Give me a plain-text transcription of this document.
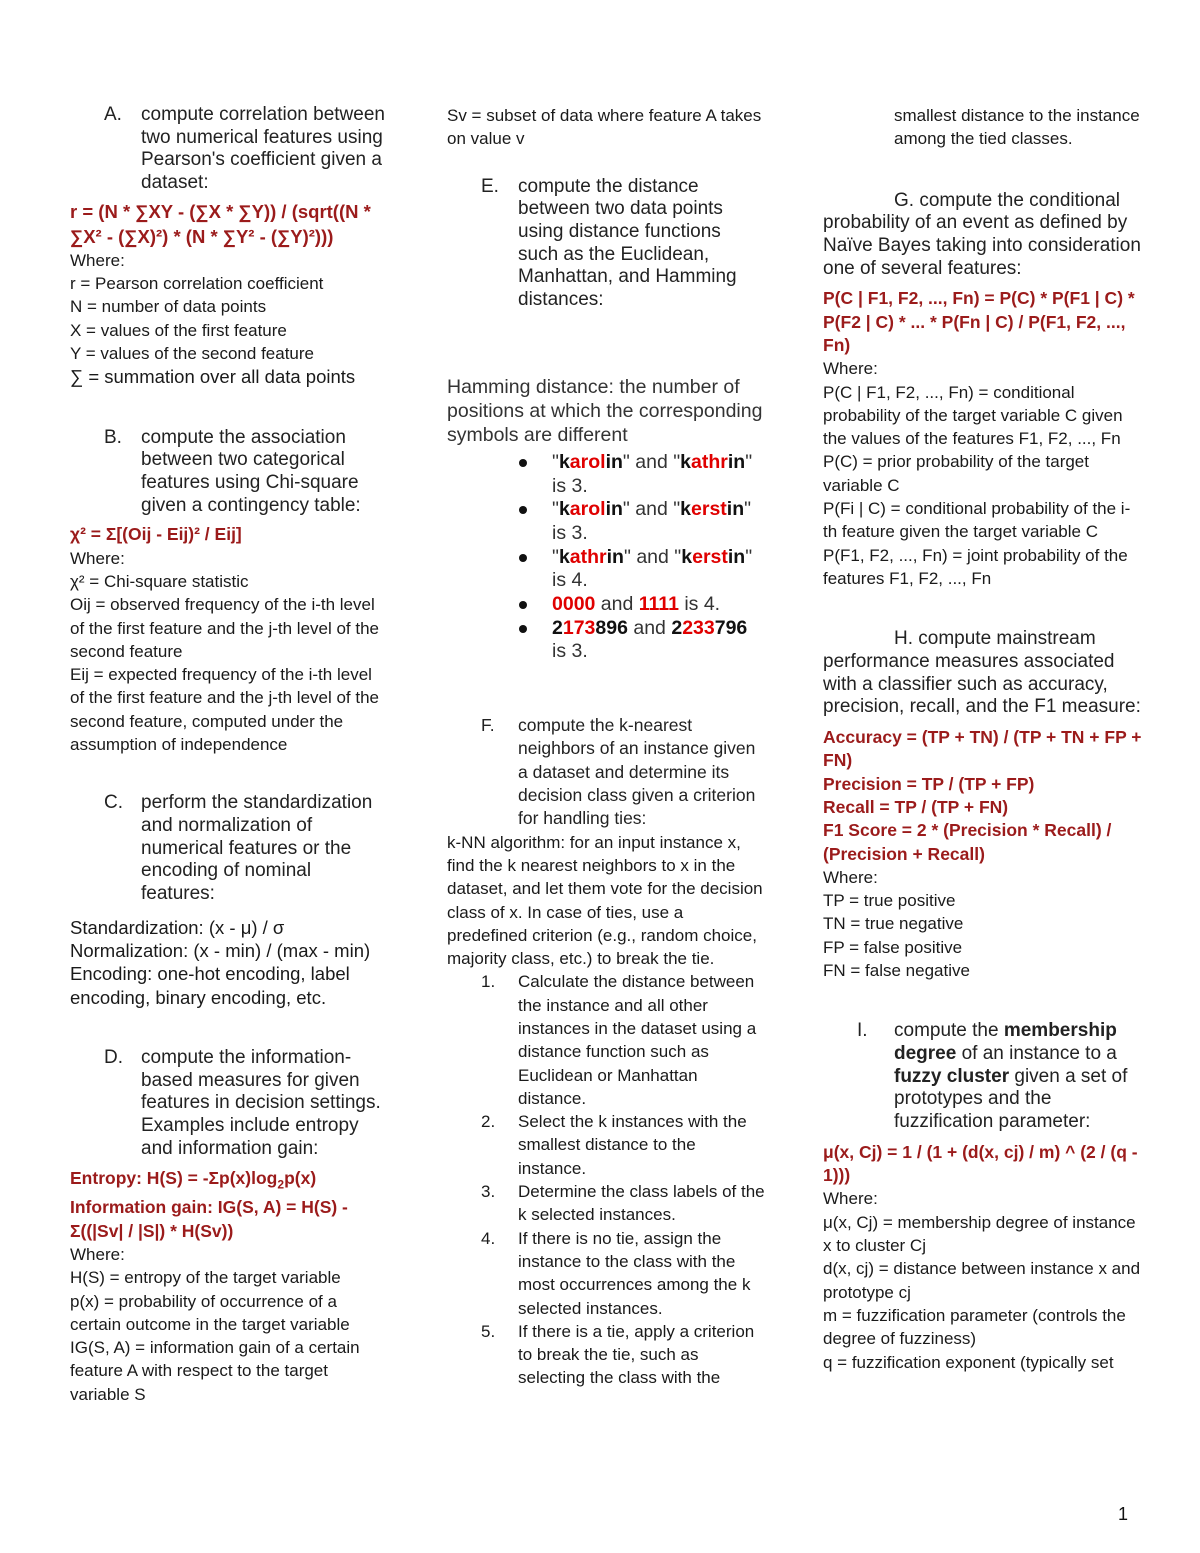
A. compute correlation between two numerical features using Pearson's coefficient given a dataset:

r = (N * ∑XY - (∑X * ∑Y)) / (sqrt((N * ∑X² - (∑X)²) * (N * ∑Y² - (∑Y)²)))

Where:

r = Pearson correlation coefficient

N = number of data points

X = values of the first feature

Y = values of the second feature

∑ = summation over all data points

B. compute the association between two categorical features using Chi-square given a contingency table:

χ² = Σ[(Oij - Eij)² / Eij]

Where:

χ² = Chi-square statistic

Oij = observed frequency of the i-th level of the first feature and the j-th level of the second feature

Eij = expected frequency of the i-th level of the first feature and the j-th level of the second feature, computed under the assumption of independence

C. perform the standardization and normalization of numerical features or the encoding of nominal features:

Standardization: (x - μ) / σ

Normalization: (x - min) / (max - min)

Encoding: one-hot encoding, label encoding, binary encoding, etc.

D. compute the information-based measures for given features in decision settings. Examples include entropy and information gain:

Entropy: $H(S) = -\Sigma p(x)\log_2p(x)$

Information gain: IG(S, A) = H(S) - Σ((|Sv| / |S|) * H(Sv))

Where:

H(S) = entropy of the target variable

p(x) = probability of occurrence of a certain outcome in the target variable

IG(S, A) = information gain of a certain feature A with respect to the target variable S

Sv = subset of data where feature A takes on value v

E. compute the distance between two data points using distance functions such as the Euclidean, Manhattan, and Hamming distances:

Hamming distance: the number of positions at which the corresponding symbols are different

"karolin" and "kathrin" is 3.
"karolin" and "kerstin" is 3.
"kathrin" and "kerstin" is 4.
0000 and 1111 is 4.
2173896 and 2233796 is 3.
F. compute the k-nearest neighbors of an instance given a dataset and determine its decision class given a criterion for handling ties:

k-NN algorithm: for an input instance x, find the k nearest neighbors to x in the dataset, and let them vote for the decision class of x. In case of ties, use a predefined criterion (e.g., random choice, majority class, etc.) to break the tie.

1. Calculate the distance between the instance and all other instances in the dataset using a distance function such as Euclidean or Manhattan distance.
2. Select the k instances with the smallest distance to the instance.
3. Determine the class labels of the k selected instances.
4. If there is no tie, assign the instance to the class with the most occurrences among the k selected instances.
5. If there is a tie, apply a criterion to break the tie, such as selecting the class with the

smallest distance to the instance among the tied classes.

G. compute the conditional probability of an event as defined by Naïve Bayes taking into consideration one of several features:

P(C | F1, F2, ..., Fn) = P(C) * P(F1 | C) * P(F2 | C) * ... * P(Fn | C) / P(F1, F2, ..., Fn)

Where:

P(C | F1, F2, ..., Fn) = conditional probability of the target variable C given the values of the features F1, F2, ..., Fn

P(C) = prior probability of the target variable C

P(Fi | C) = conditional probability of the i-th feature given the target variable C

P(F1, F2, ..., Fn) = joint probability of the features F1, F2, ..., Fn

H. compute mainstream performance measures associated with a classifier such as accuracy, precision, recall, and the F1 measure:

Accuracy = (TP + TN) / (TP + TN + FP + FN)

Precision = TP / (TP + FP)

Recall = TP / (TP + FN)

F1 Score = 2 * (Precision * Recall) / (Precision + Recall)

Where:

TP = true positive

TN = true negative

FP = false positive

FN = false negative

I. compute the membership degree of an instance to a fuzzy cluster given a set of prototypes and the fuzzification parameter:

μ(x, Cj) = 1 / (1 + (d(x, cj) / m) ^ (2 / (q - 1)))

Where:

μ(x, Cj) = membership degree of instance x to cluster Cj

d(x, cj) = distance between instance x and prototype cj

m = fuzzification parameter (controls the degree of fuzziness)

q = fuzzification exponent (typically set

1
